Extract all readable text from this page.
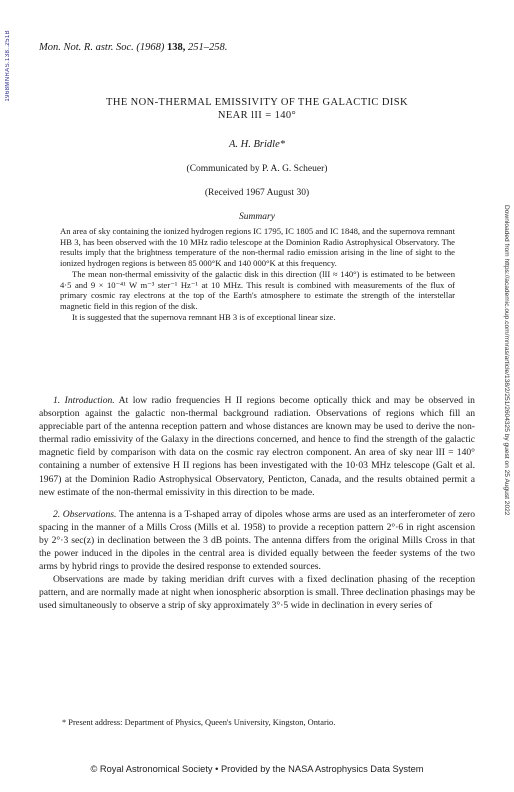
1968MNRAS.138..251B
Downloaded from https://academic.oup.com/mnras/article/138/2/251/2604325 by guest on 25 August 2022
Mon. Not. R. astr. Soc. (1968) 138, 251–258.
THE NON-THERMAL EMISSIVITY OF THE GALACTIC DISK
NEAR lII = 140°
A. H. Bridle*
(Communicated by P. A. G. Scheuer)
(Received 1967 August 30)
Summary

An area of sky containing the ionized hydrogen regions IC 1795, IC 1805 and IC 1848, and the supernova remnant HB 3, has been observed with the 10 MHz radio telescope at the Dominion Radio Astrophysical Observatory. The results imply that the brightness temperature of the non-thermal radio emission arising in the line of sight to the ionized hydrogen regions is between 85 000°K and 140 000°K at this frequency.

The mean non-thermal emissivity of the galactic disk in this direction (lII ≈ 140°) is estimated to be between 4·5 and 9 × 10⁻⁴¹ W m⁻³ ster⁻¹ Hz⁻¹ at 10 MHz. This result is combined with measurements of the flux of primary cosmic ray electrons at the top of the Earth's atmosphere to estimate the strength of the interstellar magnetic field in this region of the disk.

It is suggested that the supernova remnant HB 3 is of exceptional linear size.

1. Introduction. At low radio frequencies H II regions become optically thick and may be observed in absorption against the galactic non-thermal background radiation. Observations of regions which fill an appreciable part of the antenna reception pattern and whose distances are known may be used to derive the non-thermal radio emissivity of the Galaxy in the directions concerned, and hence to find the strength of the galactic magnetic field by comparison with data on the cosmic ray electron component. An area of sky near lII = 140° containing a number of extensive H II regions has been investigated with the 10·03 MHz telescope (Galt et al. 1967) at the Dominion Radio Astrophysical Observatory, Penticton, Canada, and the results obtained permit a new estimate of the non-thermal emissivity in this direction to be made.

2. Observations. The antenna is a T-shaped array of dipoles whose arms are used as an interferometer of zero spacing in the manner of a Mills Cross (Mills et al. 1958) to provide a reception pattern 2°·6 in right ascension by 2°·3 sec(z) in declination between the 3 dB points. The antenna differs from the original Mills Cross in that the power induced in the dipoles in the central area is divided equally between the feeder systems of the two arms by hybrid rings to provide the desired response to extended sources.

Observations are made by taking meridian drift curves with a fixed declination phasing of the reception pattern, and are normally made at night when ionospheric absorption is small. Three declination phasings may be used simultaneously to observe a strip of sky approximately 3°·5 wide in declination in every series of

* Present address: Department of Physics, Queen's University, Kingston, Ontario.
© Royal Astronomical Society • Provided by the NASA Astrophysics Data System
